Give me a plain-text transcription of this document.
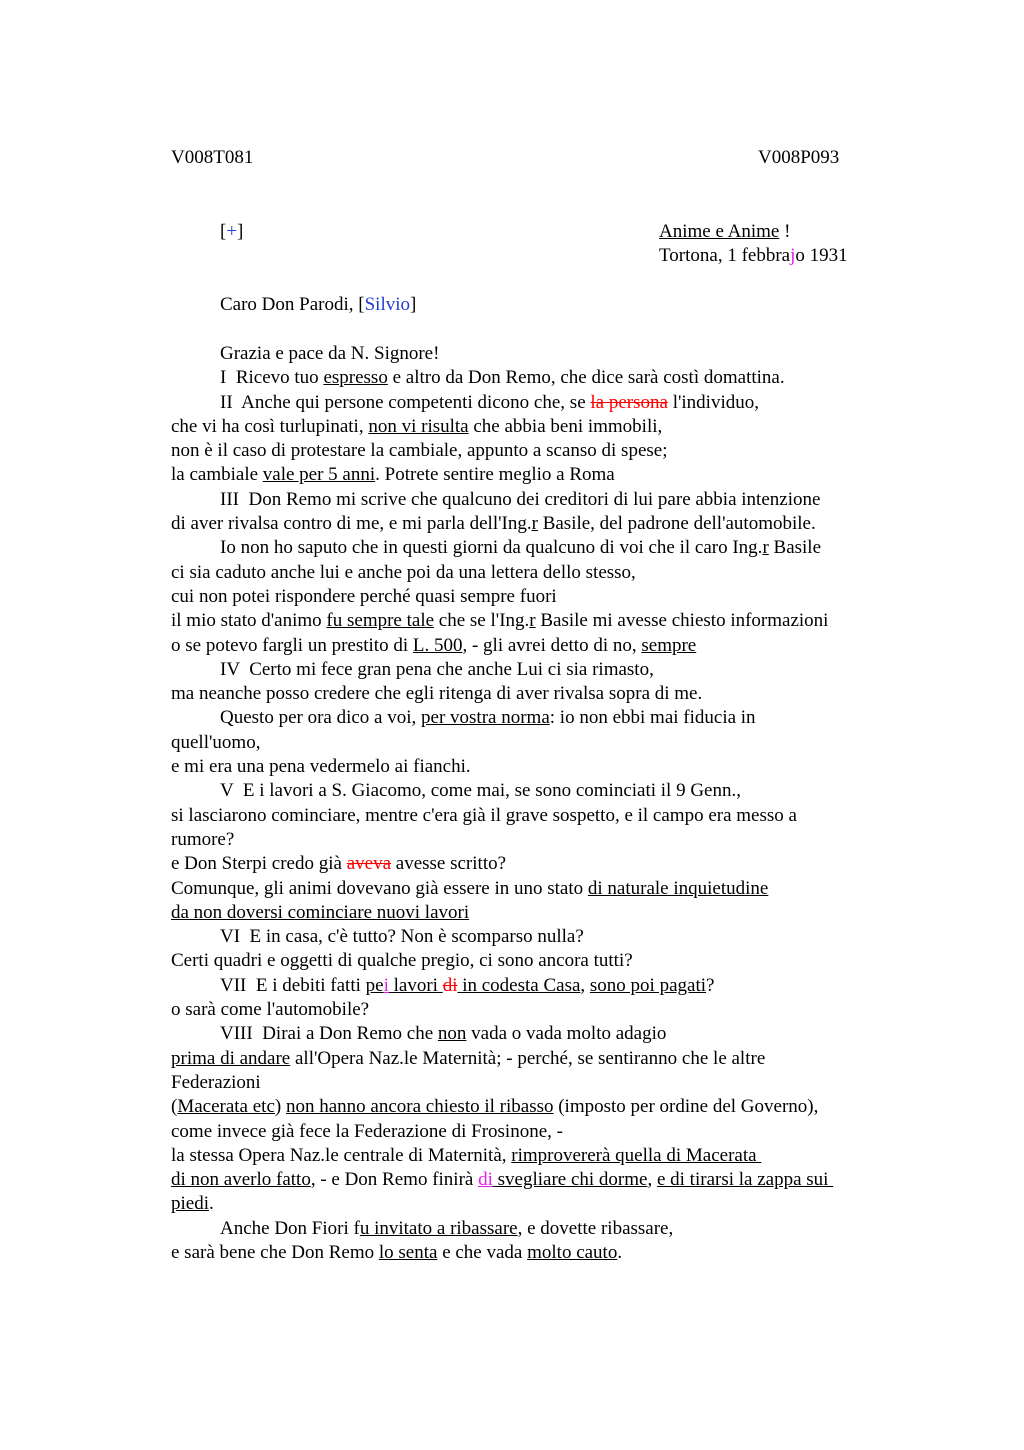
V008T081	V008P093
[+]	Anime e Anime !
Tortona, 1 febbrajo 1931
Caro Don Parodi, [Silvio]
Grazia e pace da N. Signore!
I  Ricevo tuo espresso e altro da Don Remo, che dice sarà costì domattina.
II  Anche qui persone competenti dicono che, se la persona l'individuo,
che vi ha così turlupinati, non vi risulta che abbia beni immobili,
non è il caso di protestare la cambiale, appunto a scanso di spese;
la cambiale vale per 5 anni. Potrete sentire meglio a Roma
III  Don Remo mi scrive che qualcuno dei creditori di lui pare abbia intenzione
di aver rivalsa contro di me, e mi parla dell'Ing.r Basile, del padrone dell'automobile.
Io non ho saputo che in questi giorni da qualcuno di voi che il caro Ing.r Basile
ci sia caduto anche lui e anche poi da una lettera dello stesso,
cui non potei rispondere perché quasi sempre fuori
il mio stato d'animo fu sempre tale che se l'Ing.r Basile mi avesse chiesto informazioni
o se potevo fargli un prestito di L. 500, - gli avrei detto di no, sempre
IV  Certo mi fece gran pena che anche Lui ci sia rimasto,
ma neanche posso credere che egli ritenga di aver rivalsa sopra di me.
Questo per ora dico a voi, per vostra norma: io non ebbi mai fiducia in
quell'uomo,
e mi era una pena vedermelo ai fianchi.
V  E i lavori a S. Giacomo, come mai, se sono cominciati il 9 Genn.,
si lasciarono cominciare, mentre c'era già il grave sospetto, e il campo era messo a
rumore?
e Don Sterpi credo già aveva avesse scritto?
Comunque, gli animi dovevano già essere in uno stato di naturale inquietudine
da non doversi cominciare nuovi lavori
VI  E in casa, c'è tutto? Non è scomparso nulla?
Certi quadri e oggetti di qualche pregio, ci sono ancora tutti?
VII  E i debiti fatti pei lavori di in codesta Casa, sono poi pagati?
o sarà come l'automobile?
VIII  Dirai a Don Remo che non vada o vada molto adagio
prima di andare all'Opera Naz.le Maternità; - perché, se sentiranno che le altre
Federazioni
(Macerata etc) non hanno ancora chiesto il ribasso (imposto per ordine del Governo),
come invece già fece la Federazione di Frosinone, -
la stessa Opera Naz.le centrale di Maternità, rimprovererà quella di Macerata
di non averlo fatto, - e Don Remo finirà di svegliare chi dorme, e di tirarsi la zappa sui
piedi.
Anche Don Fiori fu invitato a ribassare, e dovette ribassare,
e sarà bene che Don Remo lo senta e che vada molto cauto.
